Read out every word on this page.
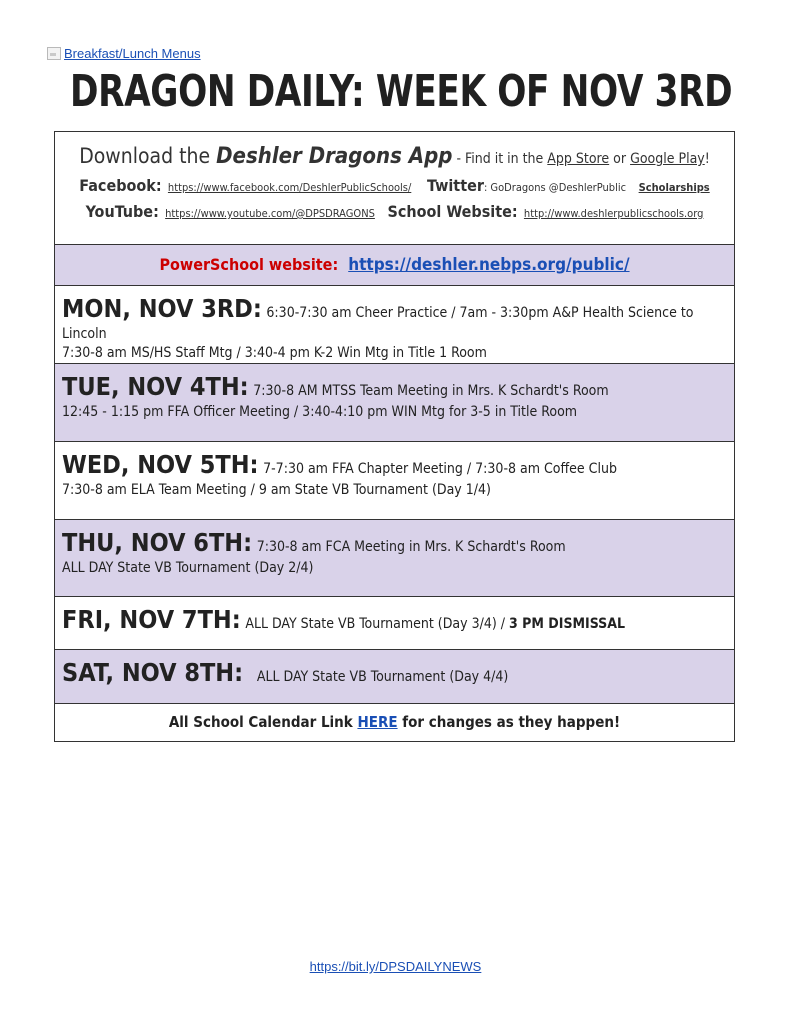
Breakfast/Lunch Menus
DRAGON DAILY: WEEK OF NOV 3RD
Download the Deshler Dragons App - Find it in the App Store or Google Play!
Facebook: https://www.facebook.com/DeshlerPublicSchools/ Twitter: GoDragons @DeshlerPublic Scholarships
YouTube: https://www.youtube.com/@DPSDRAGONS School Website: http://www.deshlerpublicschools.org
PowerSchool website: https://deshler.nebps.org/public/
MON, NOV 3RD: 6:30-7:30 am Cheer Practice / 7am - 3:30pm A&P Health Science to Lincoln
7:30-8 am MS/HS Staff Mtg / 3:40-4 pm K-2 Win Mtg in Title 1 Room
TUE, NOV 4TH: 7:30-8 AM MTSS Team Meeting in Mrs. K Schardt's Room
12:45 - 1:15 pm FFA Officer Meeting / 3:40-4:10 pm WIN Mtg for 3-5 in Title Room
WED, NOV 5TH: 7-7:30 am FFA Chapter Meeting / 7:30-8 am Coffee Club
7:30-8 am ELA Team Meeting / 9 am State VB Tournament (Day 1/4)
THU, NOV 6TH: 7:30-8 am FCA Meeting in Mrs. K Schardt's Room
ALL DAY State VB Tournament (Day 2/4)
FRI, NOV 7TH: ALL DAY State VB Tournament (Day 3/4) / 3 PM DISMISSAL
SAT, NOV 8TH: ALL DAY State VB Tournament (Day 4/4)
All School Calendar Link HERE for changes as they happen!
https://bit.ly/DPSDAILYNEWS
